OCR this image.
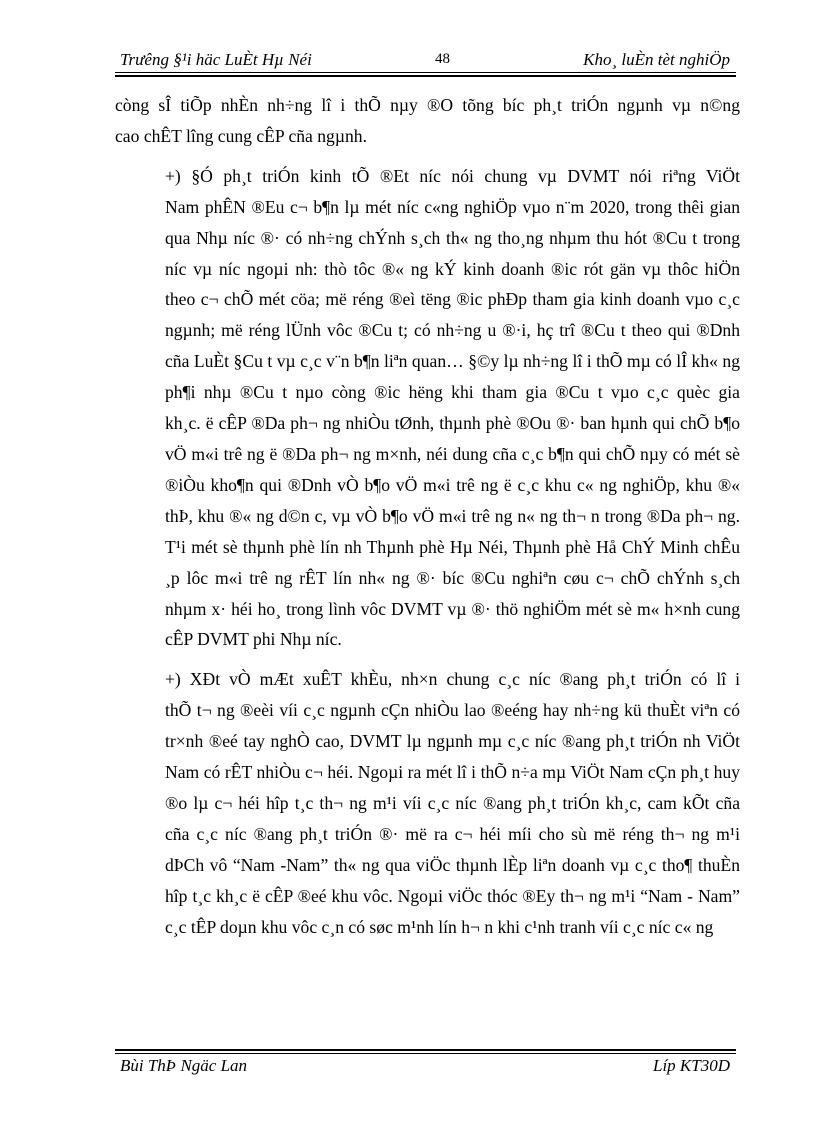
Trưêng §¹i häc LuÈt Hµ Néi	48	Kho¸ luÈn tèt nghiÖp
còng sÎ tiÕp nhÈn nh÷ng lî i thÕ nµy ®O tõng bíc ph¸t triÓn ngµnh vµ n©ng
cao chÊT lîng cung cÊP cña ngµnh.
+) §Ó ph¸t triÓn kinh tÕ ®Et níc nói chung vµ DVMT nói riªng ViÖt
Nam phÊN ®Eu c¬ b¶n lµ mét níc c«ng nghiÖp vµo n¨m 2020, trong thêi gian
qua Nhµ níc ®· có nh÷ng chÝnh s¸ch th« ng tho¸ng nhµm thu hót ®Cu t trong
níc vµ níc ngoµi nh: thò tôc ®« ng kÝ kinh doanh ®ic rót gän vµ thôc hiÖn
theo c¬ chÕ mét cöa; më réng ®eì tëng ®ic phÐp tham gia kinh doanh vµo c¸c
ngµnh; më réng lÜnh vôc ®Cu t; có nh÷ng u ®·i, hç trî ®Cu t theo qui ®Dnh
cña LuÈt §Cu t vµ c¸c v¨n b¶n liªn quan… §©y lµ nh÷ng lî i thÕ mµ có lÎ kh« ng
ph¶i nhµ ®Cu t nµo còng ®ic hëng khi tham gia ®Cu t vµo c¸c quèc gia
kh¸c. ë cÊP ®Da ph¬ ng nhiÒu tØnh, thµnh phè ®Ou ®· ban hµnh qui chÕ b¶o
vÖ m«i trê ng ë ®Da ph¬ ng m×nh, néi dung cña c¸c b¶n qui chÕ nµy có mét sè
®iÒu kho¶n qui ®Dnh vÒ b¶o vÖ m«i trê ng ë c¸c khu c« ng nghiÖp, khu ®«
thÞ, khu ®« ng d©n c, vµ vÒ b¶o vÖ m«i trê ng n« ng th¬ n trong ®Da ph¬ ng.
T¹i mét sè thµnh phè lín nh Thµnh phè Hµ Néi, Thµnh phè Hå ChÝ Minh chÊu
¸p lôc m«i trê ng rÊT lín nh« ng ®· bíc ®Cu nghiªn cøu c¬ chÕ chÝnh s¸ch
nhµm x· héi ho¸ trong lình vôc DVMT vµ ®· thö nghiÖm mét sè m« h×nh cung
cÊP DVMT phi Nhµ níc.
+) XÐt vÒ mÆt xuÊT khÈu, nh×n chung c¸c níc ®ang ph¸t triÓn có lî i
thÕ t¬ ng ®eèi víi c¸c ngµnh cÇn nhiÒu lao ®eéng hay nh÷ng kü thuÈt viªn có
tr×nh ®eé tay nghÒ cao, DVMT lµ ngµnh mµ c¸c níc ®ang ph¸t triÓn nh ViÖt
Nam có rÊT nhiÒu c¬ héi. Ngoµi ra mét lî i thÕ n÷a mµ ViÖt Nam cÇn ph¸t huy
®o lµ c¬ héi hîp t¸c th¬ ng m¹i víi c¸c níc ®ang ph¸t triÓn kh¸c, cam kÕt cña
cña c¸c níc ®ang ph¸t triÓn ®· më ra c¬ héi míi cho sù më réng th¬ ng m¹i
dÞCh vô “Nam -Nam” th« ng qua viÖc thµnh lÈp liªn doanh vµ c¸c tho¶ thuÈn
hîp t¸c kh¸c ë cÊP ®eé khu vôc. Ngoµi viÖc thóc ®Ey th¬ ng m¹i “Nam - Nam”
c¸c tÊP doµn khu vôc c¸n có søc m¹nh lín h¬ n khi c¹nh tranh víi c¸c níc c« ng
Bùi ThÞ Ngäc Lan	Líp KT30D
